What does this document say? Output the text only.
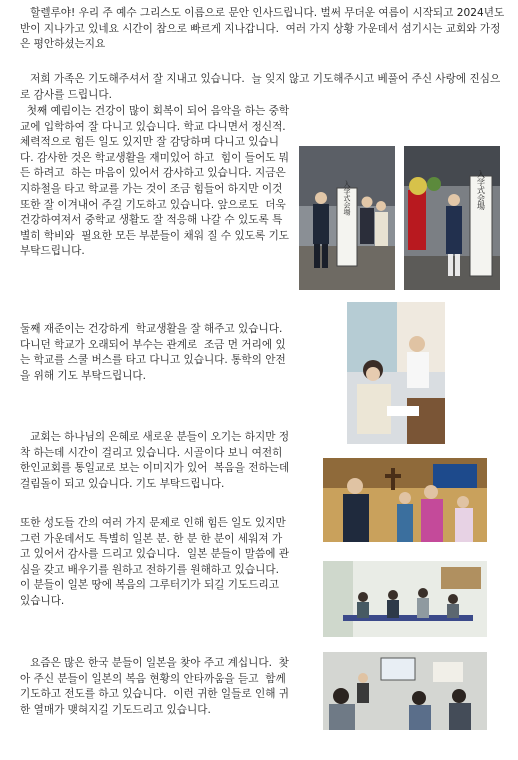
할렐루야! 우리 주 예수 그리스도 이름으로 문안 인사드립니다. 벌써 무더운 여름이 시작되고 2024년도 반이 지나가고 있네요 시간이 참으로 빠르게 지나갑니다.  여러 가지 상황 가운데서 섬기시는 교회와 가정은 평안하셨는지요

저희 가족은 기도해주셔서 잘 지내고 있습니다.  늘 잊지 않고 기도해주시고 베풀어 주신 사랑에 진심으로 감사를 드립니다.

첫째 예림이는 건강이 많이 회복이 되어 음악을 하는 중학교에 입학하여 잘 다니고 있습니다. 학교 다니면서 정신적. 체력적으로 힘든 일도 있지만 잘 감당하며 다니고 있습니다. 감사한 것은 학교생활을 재미있어 하고  힘이 들어도 뭐든 하려고  하는 마음이 있어서 감사하고 있습니다. 지금은 지하철을 타고 학교를 가는 것이 조금 힘들어 하지만 이것 또한 잘 이겨내어 주길 기도하고 있습니다. 앞으로도  더욱 건강하여져서 중학교 생활도 잘 적응해 나갈 수 있도록 특별히 학비와  필요한 모든 부분들이 채워 질 수 있도록 기도 부탁드립니다.

둘째 재준이는 건강하게  학교생활을 잘 해주고 있습니다. 다니던 학교가 오래되어 부수는 관계로  조금 먼 거리에 있는 학교를 스쿨 버스를 타고 다니고 있습니다. 통학의 안전을 위해 기도 부탁드립니다.

교회는 하나님의 은혜로 새로운 분들이 오기는 하지만 정착 하는데 시간이 걸리고 있습니다. 시골이다 보니 여전히 한인교회를 통일교로 보는 이미지가 있어  복음을 전하는데 걸림돌이 되고 있습니다. 기도 부탁드립니다.

또한 성도들 간의 여러 가지 문제로 인해 힘든 일도 있지만 그런 가운데서도 특별히 일본 분. 한 분 한 분이 세워져 가고 있어서 감사를 드리고 있습니다.  일본 분들이 말씀에 관심을 갖고 배우기를 원하고 전하기를 원해하고 있습니다. 이 분들이 일본 땅에 복음의 그루터기가 되길 기도드리고 있습니다.

요즘은 많은 한국 분들이 일본을 찾아 주고 계십니다.  찾아 주신 분들이 일본의 복음 현황의 안타까움을 듣고  함께 기도하고 전도를 하고 있습니다.  이런 귀한 일들로 인해 귀한 열매가 맺혀지길 기도드리고 있습니다.

入学式会場	入学式会場
